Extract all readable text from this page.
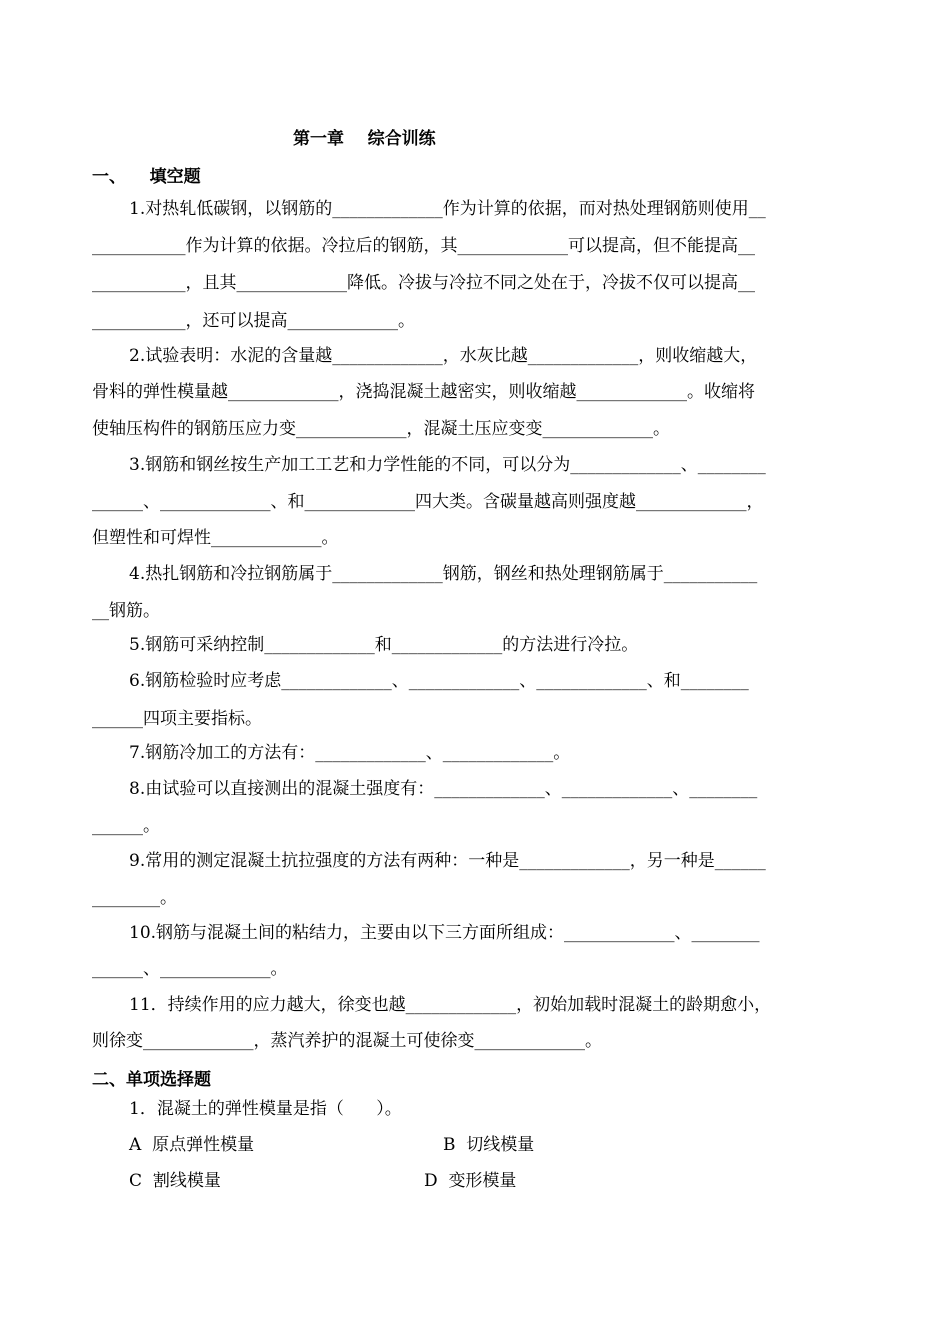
第一章    综合训练
一、    填空题
1.对热轧低碳钢，以钢筋的_____________作为计算的依据，而对热处理钢筋则使用__
___________作为计算的依据。冷拉后的钢筋，其_____________可以提高，但不能提高__
___________，且其_____________降低。冷拔与冷拉不同之处在于，冷拔不仅可以提高__
___________，还可以提高_____________。
2.试验表明：水泥的含量越_____________，水灰比越_____________，则收缩越大，
骨料的弹性模量越_____________，浇捣混凝土越密实，则收缩越_____________。收缩将
使轴压构件的钢筋压应力变_____________，混凝土压应变变_____________。
3.钢筋和钢丝按生产加工工艺和力学性能的不同，可以分为_____________、________
______、_____________、和_____________四大类。含碳量越高则强度越_____________，
但塑性和可焊性_____________。
4.热扎钢筋和冷拉钢筋属于_____________钢筋，钢丝和热处理钢筋属于___________
__钢筋。
5.钢筋可采纳控制_____________和_____________的方法进行冷拉。
6.钢筋检验时应考虑_____________、_____________、_____________、和________
______四项主要指标。
7.钢筋冷加工的方法有：_____________、_____________。
8.由试验可以直接测出的混凝土强度有：_____________、_____________、________
______。
9.常用的测定混凝土抗拉强度的方法有两种：一种是_____________，另一种是______
________。
10.钢筋与混凝土间的粘结力，主要由以下三方面所组成：_____________、________
______、_____________。
11．持续作用的应力越大，徐变也越_____________，初始加载时混凝土的龄期愈小，
则徐变_____________，蒸汽养护的混凝土可使徐变_____________。
二、单项选择题
1．混凝土的弹性模量是指（      ）。
A  原点弹性模量	B  切线模量
C  割线模量	D  变形模量
